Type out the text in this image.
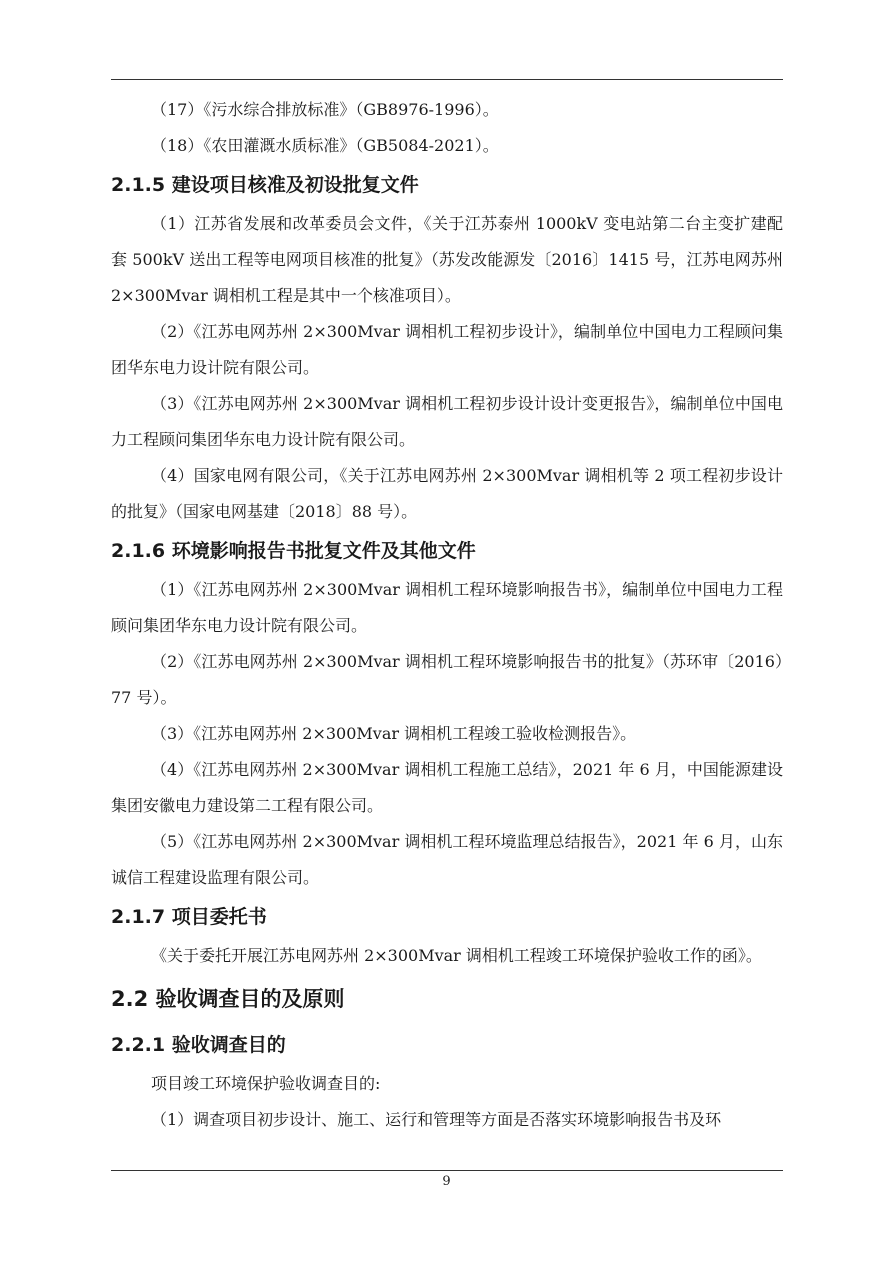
（17）《污水综合排放标准》（GB8976-1996）。

（18）《农田灌溉水质标准》（GB5084-2021）。

2.1.5 建设项目核准及初设批复文件

（1）江苏省发展和改革委员会文件，《关于江苏泰州 1000kV 变电站第二台主变扩建配套 500kV 送出工程等电网项目核准的批复》（苏发改能源发〔2016〕1415 号，江苏电网苏州 2×300Mvar 调相机工程是其中一个核准项目）。

（2）《江苏电网苏州 2×300Mvar 调相机工程初步设计》，编制单位中国电力工程顾问集团华东电力设计院有限公司。

（3）《江苏电网苏州 2×300Mvar 调相机工程初步设计设计变更报告》，编制单位中国电力工程顾问集团华东电力设计院有限公司。

（4）国家电网有限公司，《关于江苏电网苏州 2×300Mvar 调相机等 2 项工程初步设计的批复》（国家电网基建〔2018〕88 号）。

2.1.6 环境影响报告书批复文件及其他文件

（1）《江苏电网苏州 2×300Mvar 调相机工程环境影响报告书》，编制单位中国电力工程顾问集团华东电力设计院有限公司。

（2）《江苏电网苏州 2×300Mvar 调相机工程环境影响报告书的批复》（苏环审〔2016）77 号）。

（3）《江苏电网苏州 2×300Mvar 调相机工程竣工验收检测报告》。

（4）《江苏电网苏州 2×300Mvar 调相机工程施工总结》，2021 年 6 月，中国能源建设集团安徽电力建设第二工程有限公司。

（5）《江苏电网苏州 2×300Mvar 调相机工程环境监理总结报告》，2021 年 6 月，山东诚信工程建设监理有限公司。

2.1.7 项目委托书

《关于委托开展江苏电网苏州 2×300Mvar 调相机工程竣工环境保护验收工作的函》。

2.2 验收调查目的及原则
2.2.1 验收调查目的

项目竣工环境保护验收调查目的:

（1）调查项目初步设计、施工、运行和管理等方面是否落实环境影响报告书及环

9
